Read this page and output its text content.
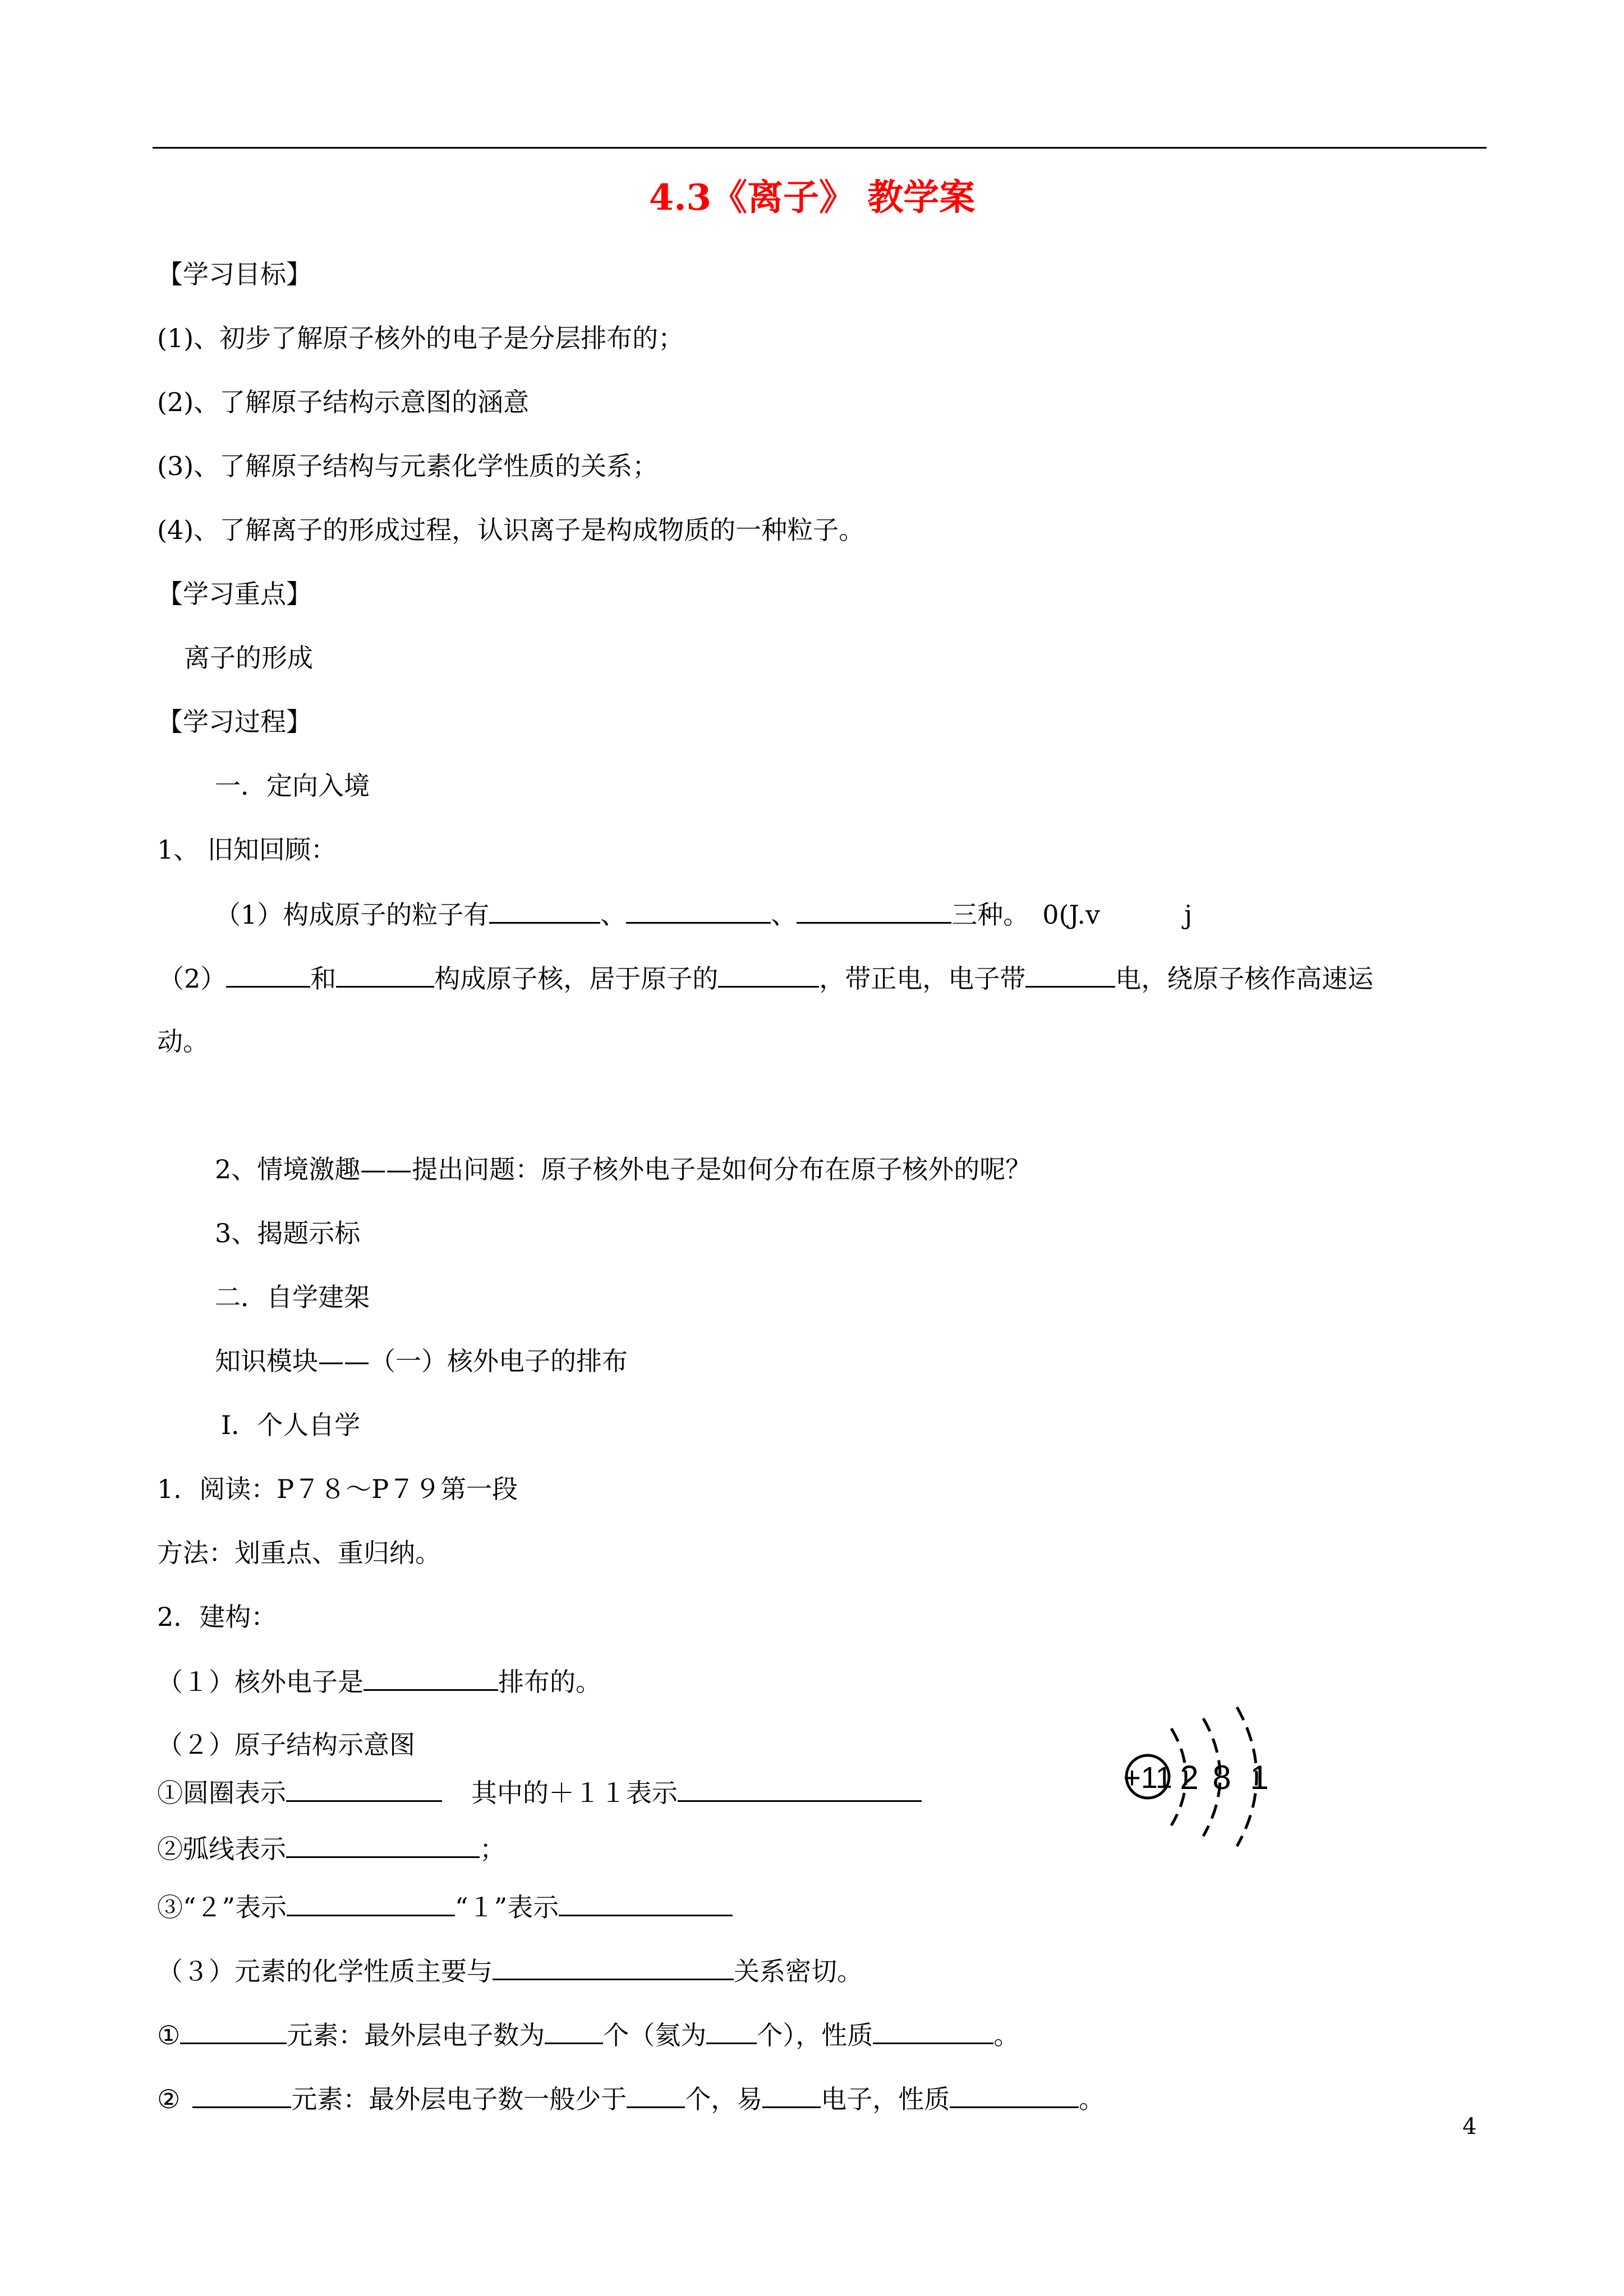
4.3《离子》 教学案
【学习目标】
(1)、初步了解原子核外的电子是分层排布的；
(2)、了解原子结构示意图的涵意
(3)、了解原子结构与元素化学性质的关系；
(4)、了解离子的形成过程，认识离子是构成物质的一种粒子。
【学习重点】
离子的形成
【学习过程】
一．定向入境
1、 旧知回顾：
（1）构成原子的粒子有	、	、	三种。 0(J.v	j
（2）	和	构成原子核，居于原子的	，带正电，电子带	电，绕原子核作高速运
动。
2、情境激趣——提出问题：原子核外电子是如何分布在原子核外的呢？
3、揭题示标
二．自学建架
知识模块——（一）核外电子的排布
Ⅰ．个人自学
1．阅读：P７８～P７９第一段
方法：划重点、重归纳。
2．建构：
（１）核外电子是	排布的。
（２）原子结构示意图
①圆圈表示	其中的＋１１表示
②弧线表示	；
③“２”表示	“１”表示
（３）元素的化学性质主要与	关系密切。
①	元素：最外层电子数为 个（氦为 个），性质	。
②	元素：最外层电子数一般少于 个，易 电子，性质	。
+11 2 8 1
4
